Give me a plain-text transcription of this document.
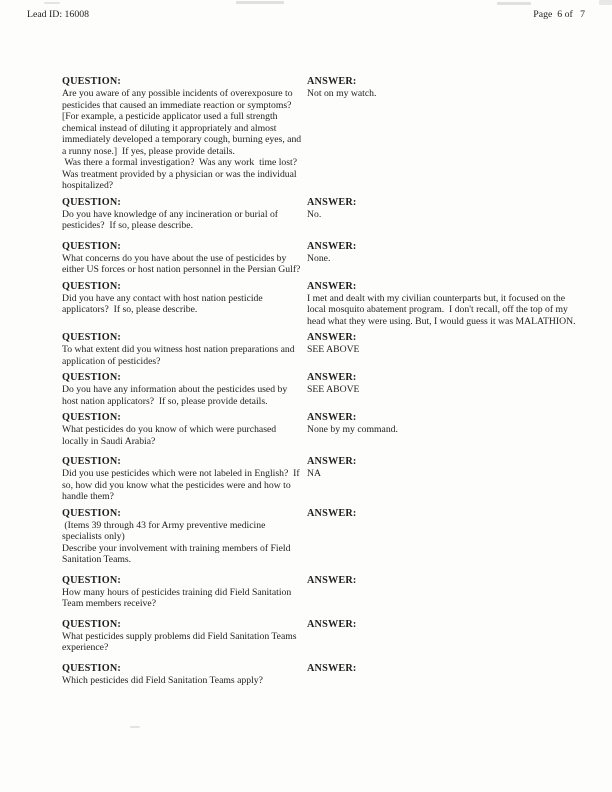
Lead ID: 16008	Page  6 of   7
QUESTION:

Are you aware of any possible incidents of overexposure to pesticides that caused an immediate reaction or symptoms?  [For example, a pesticide applicator used a full strength chemical instead of diluting it appropriately and almost immediately developed a temporary cough, burning eyes, and a runny nose.]  If yes, please provide details.

Was there a formal investigation?  Was any work  time lost?  Was treatment provided by a physician or was the individual hospitalized?

ANSWER:

Not on my watch.

QUESTION:

Do you have knowledge of any incineration or burial of pesticides?  If so, please describe.

ANSWER:

No.

QUESTION:

What concerns do you have about the use of pesticides by either US forces or host nation personnel in the Persian Gulf?

ANSWER:

None.

QUESTION:

Did you have any contact with host nation pesticide applicators?  If so, please describe.

ANSWER:

I met and dealt with my civilian counterparts but, it focused on the local mosquito abatement program.  I don't recall, off the top of my head what they were using. But, I would guess it was MALATHION.

QUESTION:

To what extent did you witness host nation preparations and application of pesticides?

ANSWER:

SEE ABOVE

QUESTION:

Do you have any information about the pesticides used by host nation applicators?  If so, please provide details.

ANSWER:

SEE ABOVE

QUESTION:

What pesticides do you know of which were purchased locally in Saudi Arabia?

ANSWER:

None by my command.

QUESTION:

Did you use pesticides which were not labeled in English?  If so, how did you know what the pesticides were and how to handle them?

ANSWER:

NA

QUESTION:

(Items 39 through 43 for Army preventive medicine specialists only)

Describe your involvement with training members of Field Sanitation Teams.

ANSWER:
QUESTION:

How many hours of pesticides training did Field Sanitation Team members receive?

ANSWER:
QUESTION:

What pesticides supply problems did Field Sanitation Teams experience?

ANSWER:
QUESTION:

Which pesticides did Field Sanitation Teams apply?

ANSWER:
